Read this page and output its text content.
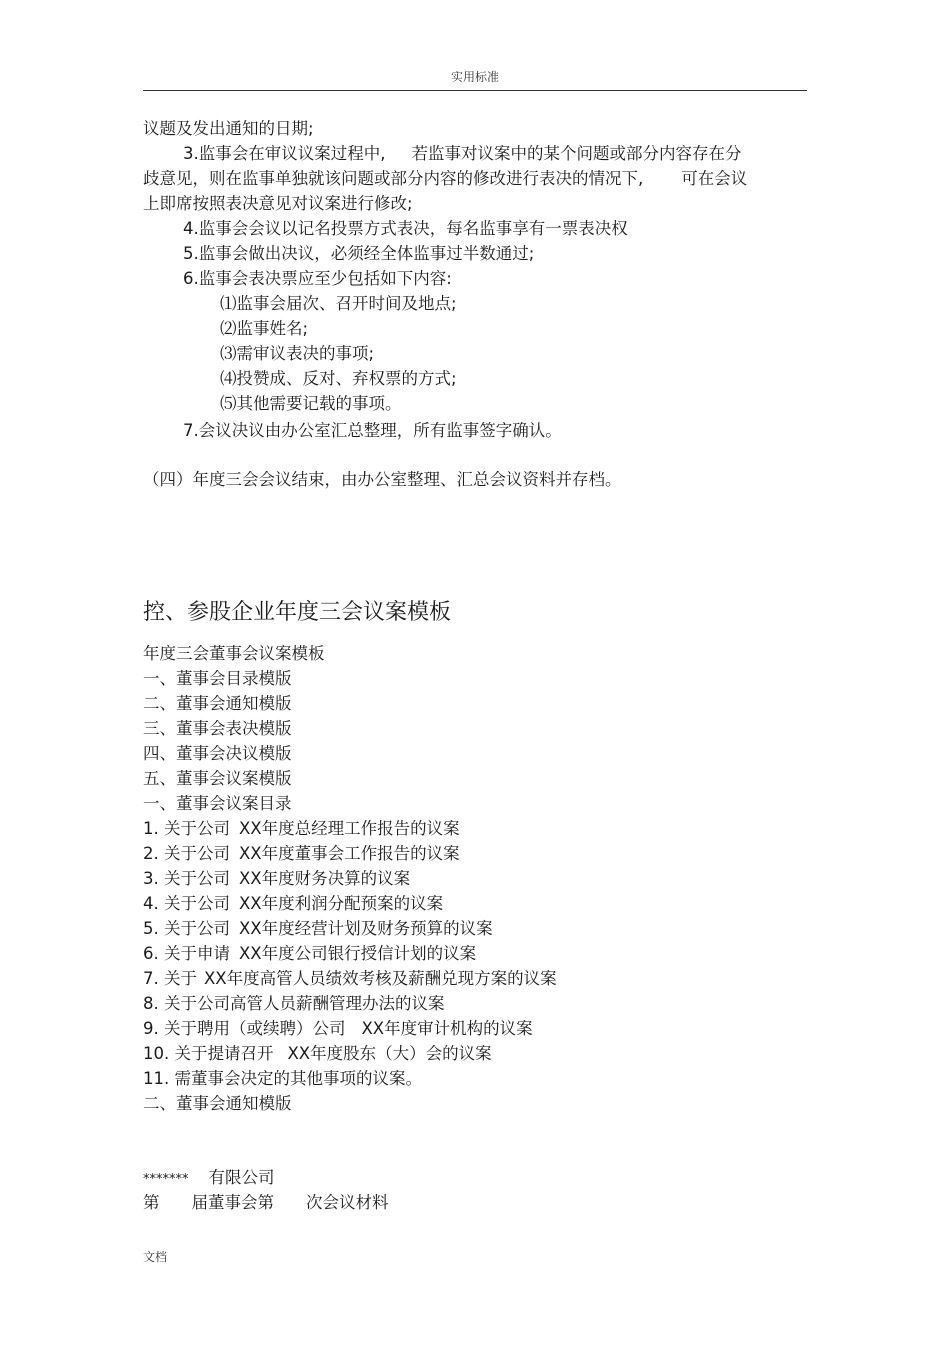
实用标准
议题及发出通知的日期;
3.监事会在审议议案过程中, 若监事对议案中的某个问题或部分内容存在分
歧意见，则在监事单独就该问题或部分内容的修改进行表决的情况下, 可在会议
上即席按照表决意见对议案进行修改;
4.监事会会议以记名投票方式表决，每名监事享有一票表决权
5.监事会做出决议，必须经全体监事过半数通过;
6.监事会表决票应至少包括如下内容:
⑴监事会届次、召开时间及地点;
⑵监事姓名;
⑶需审议表决的事项;
⑷投赞成、反对、弃权票的方式;
⑸其他需要记载的事项。
7.会议决议由办公室汇总整理，所有监事签字确认。
（四）年度三会会议结束，由办公室整理、汇总会议资料并存档。
控、参股企业年度三会议案模板
年度三会董事会议案模板
一、董事会目录模版
二、董事会通知模版
三、董事会表决模版
四、董事会决议模版
五、董事会议案模版
一、董事会议案目录
1. 关于公司 XX年度总经理工作报告的议案
2. 关于公司 XX年度董事会工作报告的议案
3. 关于公司 XX年度财务决算的议案
4. 关于公司 XX年度利润分配预案的议案
5. 关于公司 XX年度经营计划及财务预算的议案
6. 关于申请 XX年度公司银行授信计划的议案
7. 关于 XX年度高管人员绩效考核及薪酬兑现方案的议案
8. 关于公司高管人员薪酬管理办法的议案
9. 关于聘用（或续聘）公司 XX年度审计机构的议案
10. 关于提请召开 XX年度股东（大）会的议案
11. 需董事会决定的其他事项的议案。
二、董事会通知模版
******* 有限公司
第 届董事会第 次会议材料
文档
